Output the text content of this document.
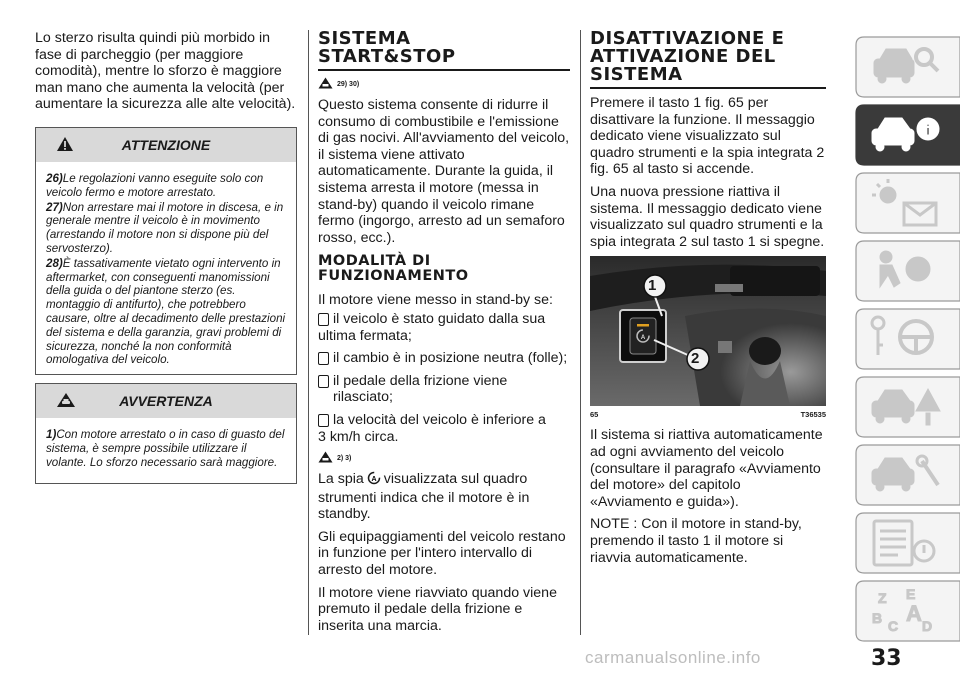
Lo sterzo risulta quindi più morbido in fase di parcheggio (per maggiore comodità), mentre lo sforzo è maggiore man mano che aumenta la velocità (per aumentare la sicurezza alle alte velocità).

ATTENZIONE
26)Le regolazioni vanno eseguite solo con veicolo fermo e motore arrestato.
27)Non arrestare mai il motore in discesa, e in generale mentre il veicolo è in movimento (arrestando il motore non si dispone più del servosterzo).
28)È tassativamente vietato ogni intervento in aftermarket, con conseguenti manomissioni della guida o del piantone sterzo (es. montaggio di antifurto), che potrebbero causare, oltre al decadimento delle prestazioni del sistema e della garanzia, gravi problemi di sicurezza, nonché la non conformità omologativa del veicolo.
AVVERTENZA
1)Con motore arrestato o in caso di guasto del sistema, è sempre possibile utilizzare il volante. Lo sforzo necessario sarà maggiore.
SISTEMA
START&STOP
29) 30)

Questo sistema consente di ridurre il consumo di combustibile e l'emissione di gas nocivi. All'avviamento del veicolo, il sistema viene attivato automaticamente. Durante la guida, il sistema arresta il motore (messa in stand-by) quando il veicolo rimane fermo (ingorgo, arresto ad un semaforo rosso, ecc.).

MODALITÀ DI FUNZIONAMENTO

Il motore viene messo in stand-by se:

il veicolo è stato guidato dalla sua

ultima fermata;

il cambio è in posizione neutra (folle);
il pedale della frizione viene rilasciato;
la velocità del veicolo è inferiore a

3 km/h circa.

2) 3)

La spia A visualizzata sul quadro strumenti indica che il motore è in standby.

Gli equipaggiamenti del veicolo restano in funzione per l'intero intervallo di arresto del motore.

Il motore viene riavviato quando viene premuto il pedale della frizione e inserita una marcia.

DISATTIVAZIONE E ATTIVAZIONE DEL SISTEMA

Premere il tasto 1 fig. 65 per disattivare la funzione. Il messaggio dedicato viene visualizzato sul quadro strumenti e la spia integrata 2 fig. 65 al tasto si accende.

Una nuova pressione riattiva il sistema. Il messaggio dedicato viene visualizzato sul quadro strumenti e la spia integrata 2 sul tasto 1 si spegne.

A
1
2
65	T36535

Il sistema si riattiva automaticamente ad ogni avviamento del veicolo (consultare il paragrafo «Avviamento del motore» del capitolo «Avviamento e guida»).

NOTE : Con il motore in stand-by, premendo il tasto 1 il motore si riavvia automaticamente.

i
Z E
B C A D
carmanualsonline.info	33
